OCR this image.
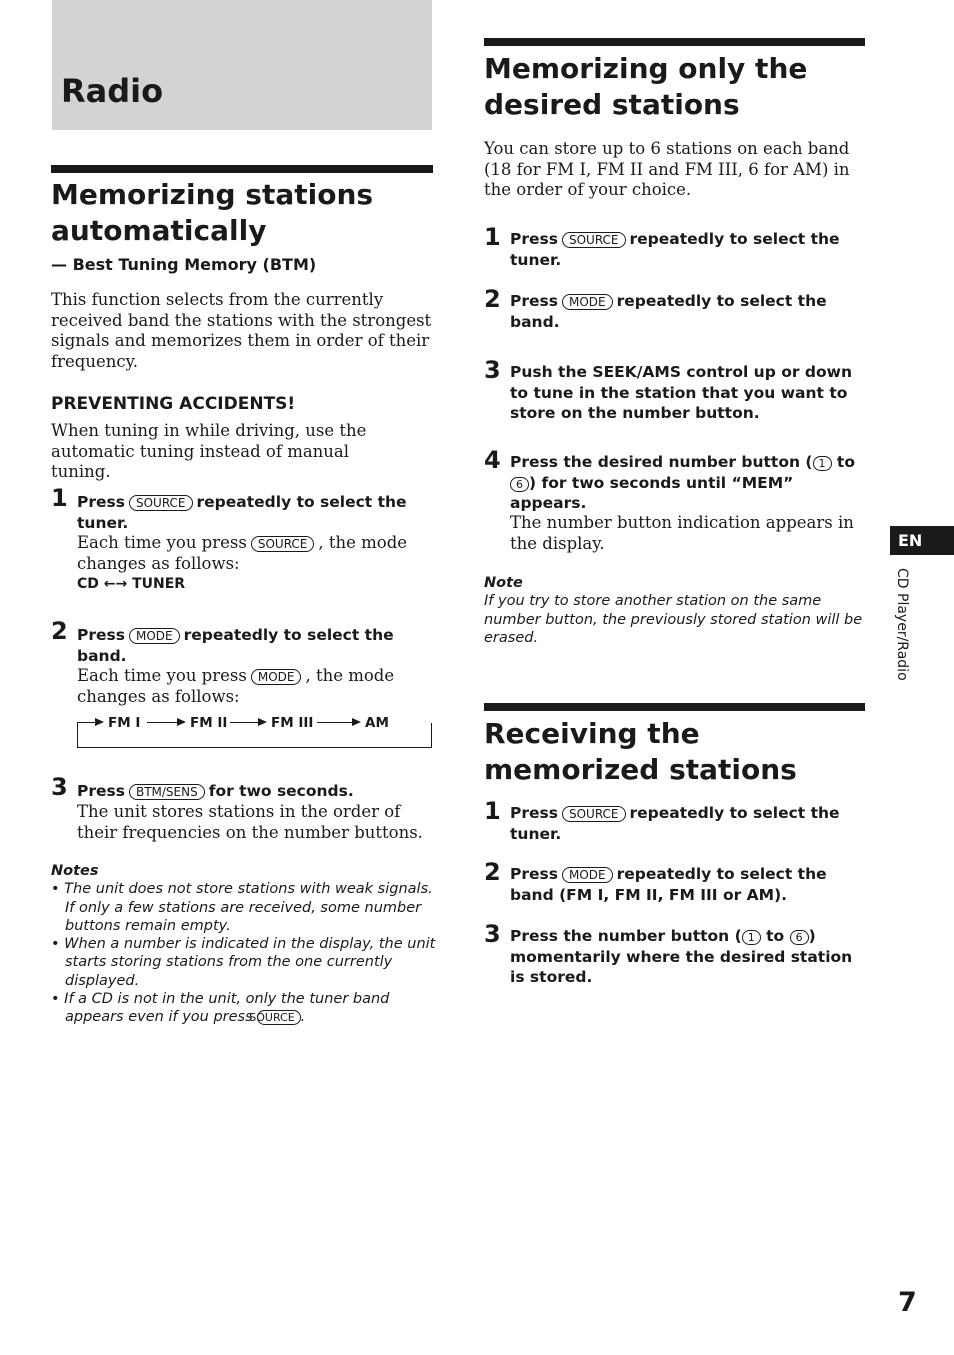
Radio
Memorizing stations automatically
— Best Tuning Memory (BTM)
This function selects from the currently received band the stations with the strongest signals and memorizes them in order of their frequency.
PREVENTING ACCIDENTS!
When tuning in while driving, use the automatic tuning instead of manual tuning.
1 Press SOURCE repeatedly to select the tuner.
Each time you press SOURCE , the mode changes as follows:
CD ←→ TUNER
2 Press MODE repeatedly to select the band.
Each time you press MODE , the mode changes as follows:
FM I	FM II	FM III	AM
3 Press BTM/SENS for two seconds.
The unit stores stations in the order of their frequencies on the number buttons.
Notes
• The unit does not store stations with weak signals. If only a few stations are received, some number buttons remain empty.
• When a number is indicated in the display, the unit starts storing stations from the one currently displayed.
• If a CD is not in the unit, only the tuner band appears even if you press SOURCE .
Memorizing only the desired stations
You can store up to 6 stations on each band (18 for FM I, FM II and FM III, 6 for AM) in the order of your choice.
1 Press SOURCE repeatedly to select the tuner.
2 Press MODE repeatedly to select the band.
3 Push the SEEK/AMS control up or down to tune in the station that you want to store on the number button.
4 Press the desired number button ( 1 to 6 ) for two seconds until “MEM” appears.
The number button indication appears in the display.
Note
If you try to store another station on the same number button, the previously stored station will be erased.
Receiving the memorized stations
1 Press SOURCE repeatedly to select the tuner.
2 Press MODE repeatedly to select the band (FM I, FM II, FM III or AM).
3 Press the number button ( 1 to 6 ) momentarily where the desired station is stored.
EN
CD Player/Radio
7
